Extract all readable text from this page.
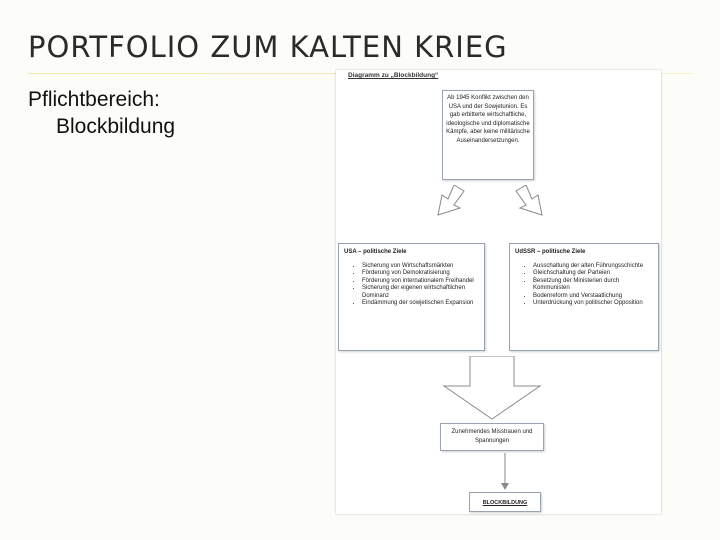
PORTFOLIO ZUM KALTEN KRIEG
Pflichtbereich:
Blockbildung
Diagramm zu „Blockbildung“
Ab 1945 Konflikt zwischen den USA und der Sowjetunion. Es gab erbitterte wirtschaftliche, ideologische und diplomatische Kämpfe, aber keine militärische Auseinandersetzungen.
USA – politische Ziele
• Sicherung von Wirtschaftsmärkten
• Förderung von Demokratisierung
• Förderung von internationalem Freihandel
• Sicherung der eigenen wirtschaftlichen Dominanz
• Eindämmung der sowjetischen Expansion
UdSSR – politische Ziele
• Ausschaltung der alten Führungsschichte
• Gleichschaltung der Parteien
• Besetzung der Ministerien durch Kommunisten
• Bodenreform und Verstaatlichung
• Unterdrückung von politischer Opposition
Zunehmendes Misstrauen und Spannungen
BLOCKBILDUNG
